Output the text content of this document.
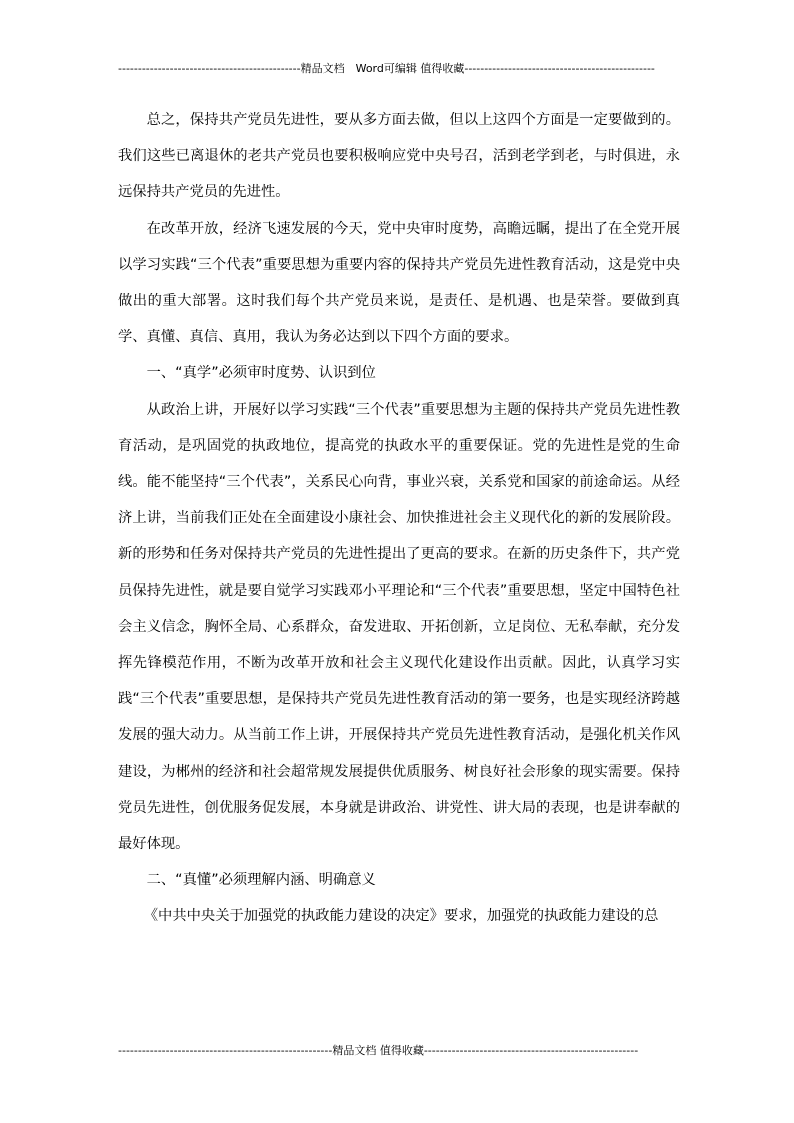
----------------------------------------------精品文档　Word可编辑 值得收藏------------------------------------------------

总之，保持共产党员先进性，要从多方面去做，但以上这四个方面是一定要做到的。我们这些已离退休的老共产党员也要积极响应党中央号召，活到老学到老，与时俱进，永远保持共产党员的先进性。

在改革开放，经济飞速发展的今天，党中央审时度势，高瞻远瞩，提出了在全党开展以学习实践“三个代表”重要思想为重要内容的保持共产党员先进性教育活动，这是党中央做出的重大部署。这时我们每个共产党员来说，是责任、是机遇、也是荣誉。要做到真学、真懂、真信、真用，我认为务必达到以下四个方面的要求。

一、“真学”必须审时度势、认识到位

从政治上讲，开展好以学习实践“三个代表”重要思想为主题的保持共产党员先进性教育活动，是巩固党的执政地位，提高党的执政水平的重要保证。党的先进性是党的生命线。能不能坚持“三个代表”，关系民心向背，事业兴衰，关系党和国家的前途命运。从经济上讲，当前我们正处在全面建设小康社会、加快推进社会主义现代化的新的发展阶段。新的形势和任务对保持共产党员的先进性提出了更高的要求。在新的历史条件下，共产党员保持先进性，就是要自觉学习实践邓小平理论和“三个代表”重要思想，坚定中国特色社会主义信念，胸怀全局、心系群众，奋发进取、开拓创新，立足岗位、无私奉献，充分发挥先锋模范作用，不断为改革开放和社会主义现代化建设作出贡献。因此，认真学习实践“三个代表”重要思想，是保持共产党员先进性教育活动的第一要务，也是实现经济跨越发展的强大动力。从当前工作上讲，开展保持共产党员先进性教育活动，是强化机关作风建设，为郴州的经济和社会超常规发展提供优质服务、树良好社会形象的现实需要。保持党员先进性，创优服务促发展，本身就是讲政治、讲党性、讲大局的表现，也是讲奉献的最好体现。

二、“真懂”必须理解内涵、明确意义

《中共中央关于加强党的执政能力建设的决定》要求，加强党的执政能力建设的总

------------------------------------------------------精品文档 值得收藏------------------------------------------------------
